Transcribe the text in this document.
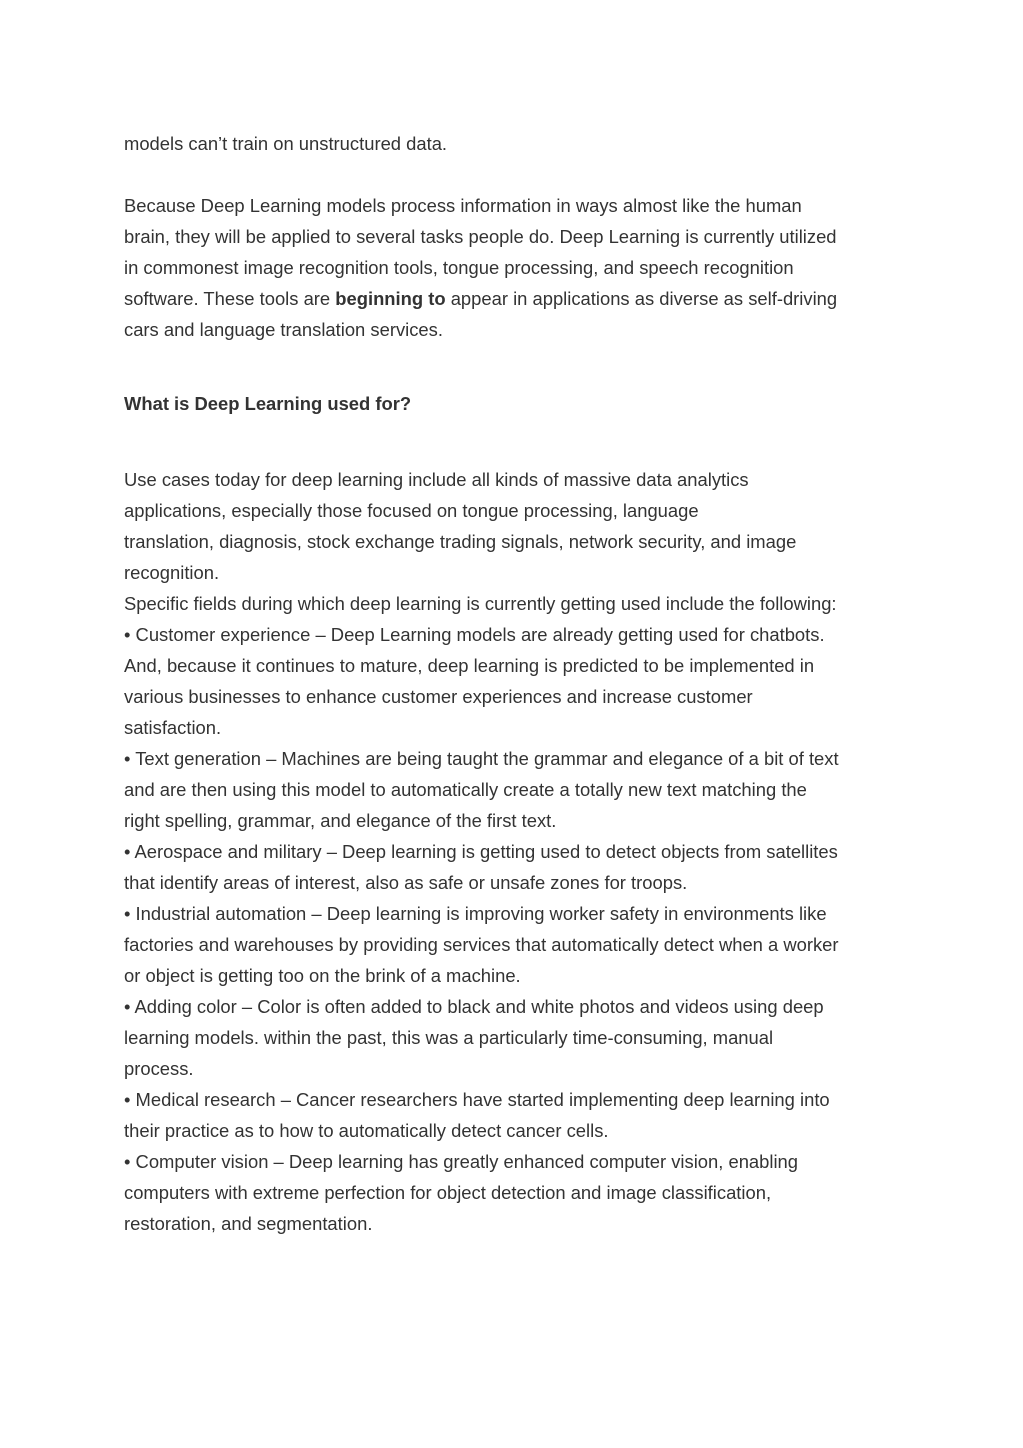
models can’t train on unstructured data.
Because Deep Learning models process information in ways almost like the human
brain, they will be applied to several tasks people do. Deep Learning is currently utilized
in commonest image recognition tools, tongue processing, and speech recognition
software. These tools are beginning to appear in applications as diverse as self-driving
cars and language translation services.
What is Deep Learning used for?
Use cases today for deep learning include all kinds of massive data analytics
applications, especially those focused on tongue processing, language
translation, diagnosis, stock exchange trading signals, network security, and image
recognition.
Specific fields during which deep learning is currently getting used include the following:
• Customer experience – Deep Learning models are already getting used for chatbots.
And, because it continues to mature, deep learning is predicted to be implemented in
various businesses to enhance customer experiences and increase customer
satisfaction.
• Text generation – Machines are being taught the grammar and elegance of a bit of text
and are then using this model to automatically create a totally new text matching the
right spelling, grammar, and elegance of the first text.
• Aerospace and military – Deep learning is getting used to detect objects from satellites
that identify areas of interest, also as safe or unsafe zones for troops.
• Industrial automation – Deep learning is improving worker safety in environments like
factories and warehouses by providing services that automatically detect when a worker
or object is getting too on the brink of a machine.
• Adding color – Color is often added to black and white photos and videos using deep
learning models. within the past, this was a particularly time-consuming, manual
process.
• Medical research – Cancer researchers have started implementing deep learning into
their practice as to how to automatically detect cancer cells.
• Computer vision – Deep learning has greatly enhanced computer vision, enabling
computers with extreme perfection for object detection and image classification,
restoration, and segmentation.
